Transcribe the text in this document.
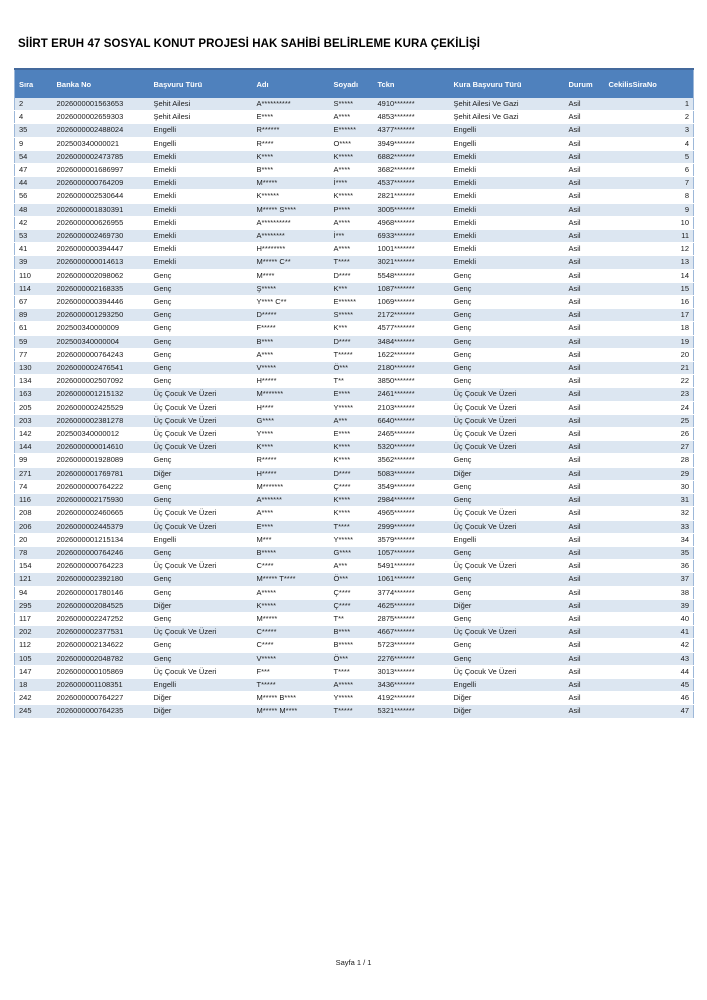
SİİRT ERUH 47 SOSYAL KONUT PROJESİ HAK SAHİBİ BELİRLEME KURA ÇEKİLİŞİ
Sıra	Banka No	Başvuru Türü	Adı	Soyadı	Tckn	Kura Başvuru Türü	Durum	CekilisSiraNo
2	2026000001563653	Şehit Ailesi	A**********	S*****	4910*******	Şehit Ailesi Ve Gazi	Asil	1
4	2026000002659303	Şehit Ailesi	E****	A****	4853*******	Şehit Ailesi Ve Gazi	Asil	2
35	2026000002488024	Engelli	R******	E******	4377*******	Engelli	Asil	3
9	202500340000021	Engelli	R****	O****	3949*******	Engelli	Asil	4
54	2026000002473785	Emekli	K****	K*****	6882*******	Emekli	Asil	5
47	2026000001686997	Emekli	B****	A****	3682*******	Emekli	Asil	6
44	2026000000764209	Emekli	M*****	İ****	4537*******	Emekli	Asil	7
56	2026000002530644	Emekli	K******	K*****	2821*******	Emekli	Asil	8
48	2026000001830391	Emekli	M***** S****	P****	3005*******	Emekli	Asil	9
42	2026000000626955	Emekli	A**********	A****	4968*******	Emekli	Asil	10
53	2026000002469730	Emekli	A********	İ***	6933*******	Emekli	Asil	11
41	2026000000394447	Emekli	H********	A****	1001*******	Emekli	Asil	12
39	2026000000014613	Emekli	M***** C**	T****	3021*******	Emekli	Asil	13
110	2026000002098062	Genç	M****	D****	5548*******	Genç	Asil	14
114	2026000002168335	Genç	Ş*****	K***	1087*******	Genç	Asil	15
67	2026000000394446	Genç	Y**** C**	E******	1069*******	Genç	Asil	16
89	2026000001293250	Genç	D*****	S*****	2172*******	Genç	Asil	17
61	202500340000009	Genç	F*****	K***	4577*******	Genç	Asil	18
59	202500340000004	Genç	B****	D****	3484*******	Genç	Asil	19
77	2026000000764243	Genç	A****	T*****	1622*******	Genç	Asil	20
130	2026000002476541	Genç	V*****	Ö***	2180*******	Genç	Asil	21
134	2026000002507092	Genç	H*****	T**	3850*******	Genç	Asil	22
163	2026000001215132	Üç Çocuk Ve Üzeri	M*******	E****	2461*******	Üç Çocuk Ve Üzeri	Asil	23
205	2026000002425529	Üç Çocuk Ve Üzeri	H****	Y*****	2103*******	Üç Çocuk Ve Üzeri	Asil	24
203	2026000002381278	Üç Çocuk Ve Üzeri	G****	A***	6640*******	Üç Çocuk Ve Üzeri	Asil	25
142	202500340000012	Üç Çocuk Ve Üzeri	Y****	E****	2465*******	Üç Çocuk Ve Üzeri	Asil	26
144	2026000000014610	Üç Çocuk Ve Üzeri	K****	K****	5320*******	Üç Çocuk Ve Üzeri	Asil	27
99	2026000001928089	Genç	R*****	K****	3562*******	Genç	Asil	28
271	2026000001769781	Diğer	H*****	D****	5083*******	Diğer	Asil	29
74	2026000000764222	Genç	M*******	Ç****	3549*******	Genç	Asil	30
116	2026000002175930	Genç	A*******	K****	2984*******	Genç	Asil	31
208	2026000002460665	Üç Çocuk Ve Üzeri	A****	K****	4965*******	Üç Çocuk Ve Üzeri	Asil	32
206	2026000002445379	Üç Çocuk Ve Üzeri	E****	T****	2999*******	Üç Çocuk Ve Üzeri	Asil	33
20	2026000001215134	Engelli	M***	Y*****	3579*******	Engelli	Asil	34
78	2026000000764246	Genç	B*****	G****	1057*******	Genç	Asil	35
154	2026000000764223	Üç Çocuk Ve Üzeri	C****	A***	5491*******	Üç Çocuk Ve Üzeri	Asil	36
121	2026000002392180	Genç	M***** T****	Ö***	1061*******	Genç	Asil	37
94	2026000001780146	Genç	A*****	Ç****	3774*******	Genç	Asil	38
295	2026000002084525	Diğer	K*****	Ç****	4625*******	Diğer	Asil	39
117	2026000002247252	Genç	M*****	T**	2875*******	Genç	Asil	40
202	2026000002377531	Üç Çocuk Ve Üzeri	C*****	B****	4667*******	Üç Çocuk Ve Üzeri	Asil	41
112	2026000002134622	Genç	C****	B*****	5723*******	Genç	Asil	42
105	2026000002048782	Genç	V*****	Ö***	2276*******	Genç	Asil	43
147	2026000000105869	Üç Çocuk Ve Üzeri	F***	T****	3013*******	Üç Çocuk Ve Üzeri	Asil	44
18	2026000001108351	Engelli	T*****	A*****	3436*******	Engelli	Asil	45
242	2026000000764227	Diğer	M***** B****	Y*****	4192*******	Diğer	Asil	46
245	2026000000764235	Diğer	M***** M****	T*****	5321*******	Diğer	Asil	47
Sayfa 1 / 1
